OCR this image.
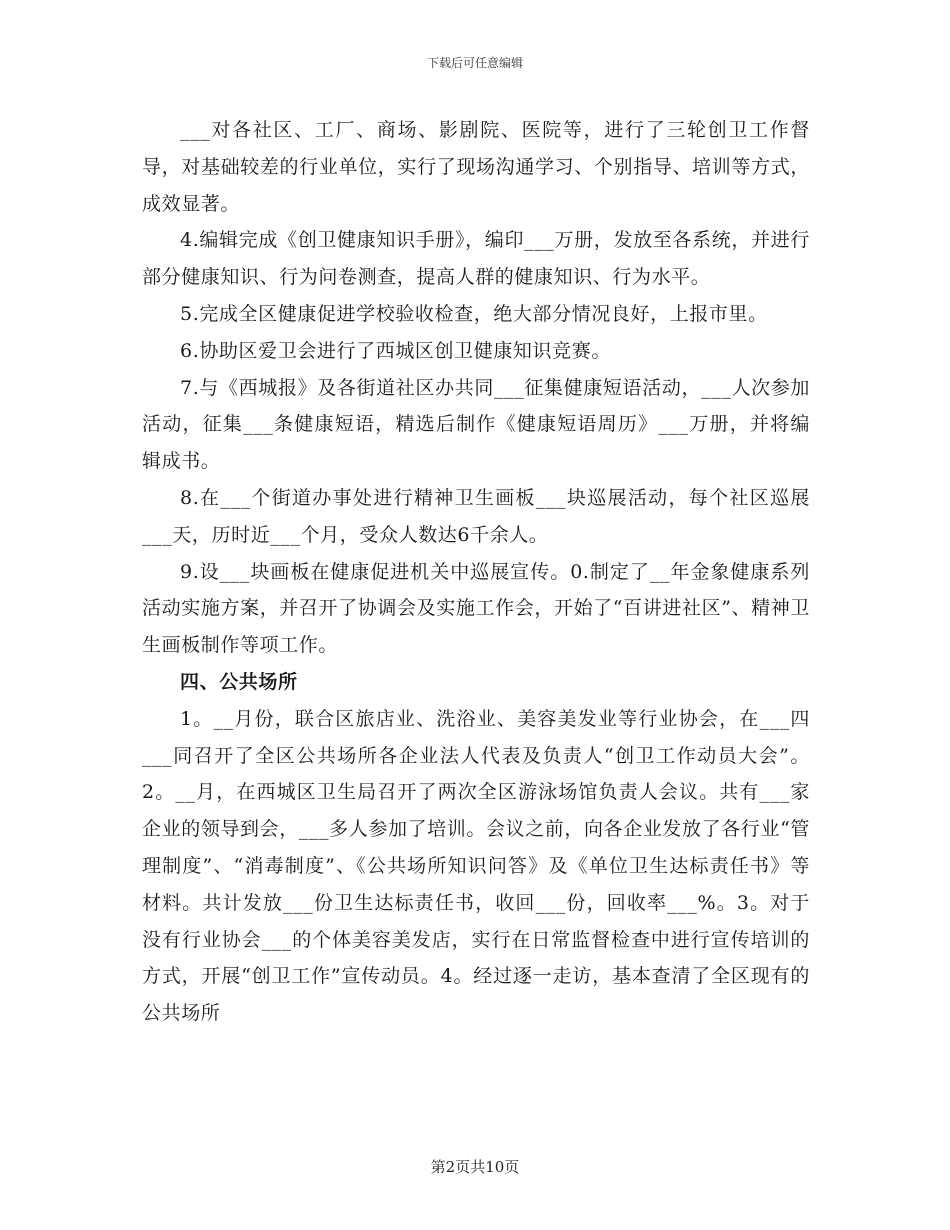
下载后可任意编辑

___对各社区、工厂、商场、影剧院、医院等，进行了三轮创卫工作督导，对基础较差的行业单位，实行了现场沟通学习、个别指导、培训等方式，成效显著。

4.编辑完成《创卫健康知识手册》，编印___万册，发放至各系统，并进行部分健康知识、行为问卷测查，提高人群的健康知识、行为水平。

5.完成全区健康促进学校验收检查，绝大部分情况良好，上报市里。

6.协助区爱卫会进行了西城区创卫健康知识竞赛。

7.与《西城报》及各街道社区办共同___征集健康短语活动，___人次参加活动，征集___条健康短语，精选后制作《健康短语周历》___万册，并将编辑成书。

8.在___个街道办事处进行精神卫生画板___块巡展活动，每个社区巡展___天，历时近___个月，受众人数达6千余人。

9.设___块画板在健康促进机关中巡展宣传。0.制定了__年金象健康系列活动实施方案，并召开了协调会及实施工作会，开始了“百讲进社区”、精神卫生画板制作等项工作。

四、公共场所

1。__月份，联合区旅店业、洗浴业、美容美发业等行业协会，在___四___同召开了全区公共场所各企业法人代表及负责人“创卫工作动员大会”。2。__月，在西城区卫生局召开了两次全区游泳场馆负责人会议。共有___家企业的领导到会，___多人参加了培训。会议之前，向各企业发放了各行业“管理制度”、“消毒制度”、《公共场所知识问答》及《单位卫生达标责任书》等材料。共计发放___份卫生达标责任书，收回___份，回收率___%。3。对于没有行业协会___的个体美容美发店，实行在日常监督检查中进行宣传培训的方式，开展“创卫工作”宣传动员。4。经过逐一走访，基本查清了全区现有的公共场所

第2页共10页
